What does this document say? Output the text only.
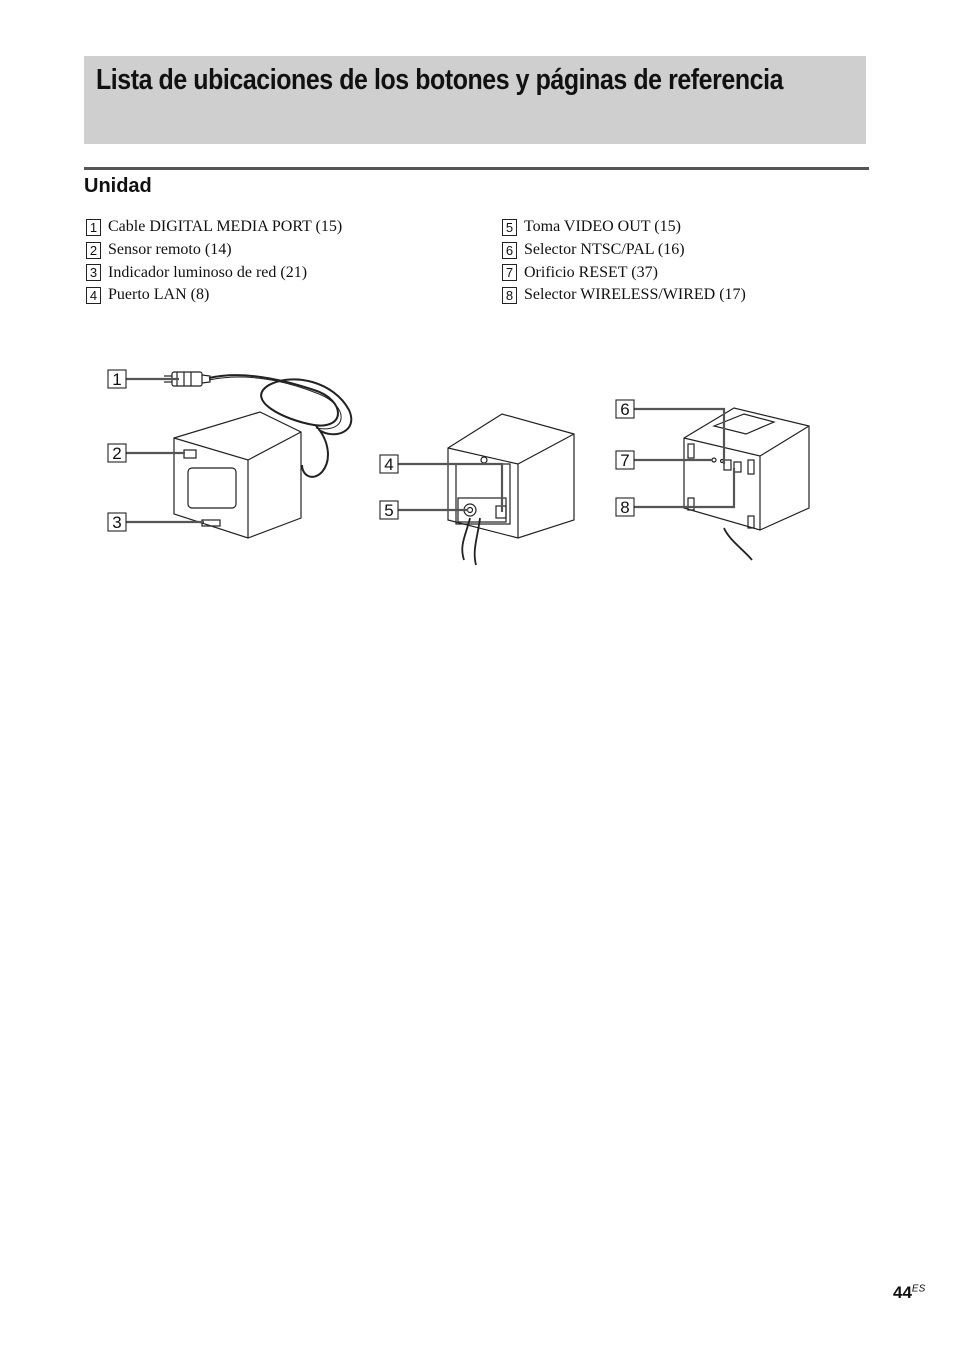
Lista de ubicaciones de los botones y páginas de referencia
Unidad
1 Cable DIGITAL MEDIA PORT (15)
2 Sensor remoto (14)
3 Indicador luminoso de red (21)
4 Puerto LAN (8)
5 Toma VIDEO OUT (15)
6 Selector NTSC/PAL (16)
7 Orificio RESET (37)
8 Selector WIRELESS/WIRED (17)
1
2
3
4
5
6
7
8
$44^{ES}$
